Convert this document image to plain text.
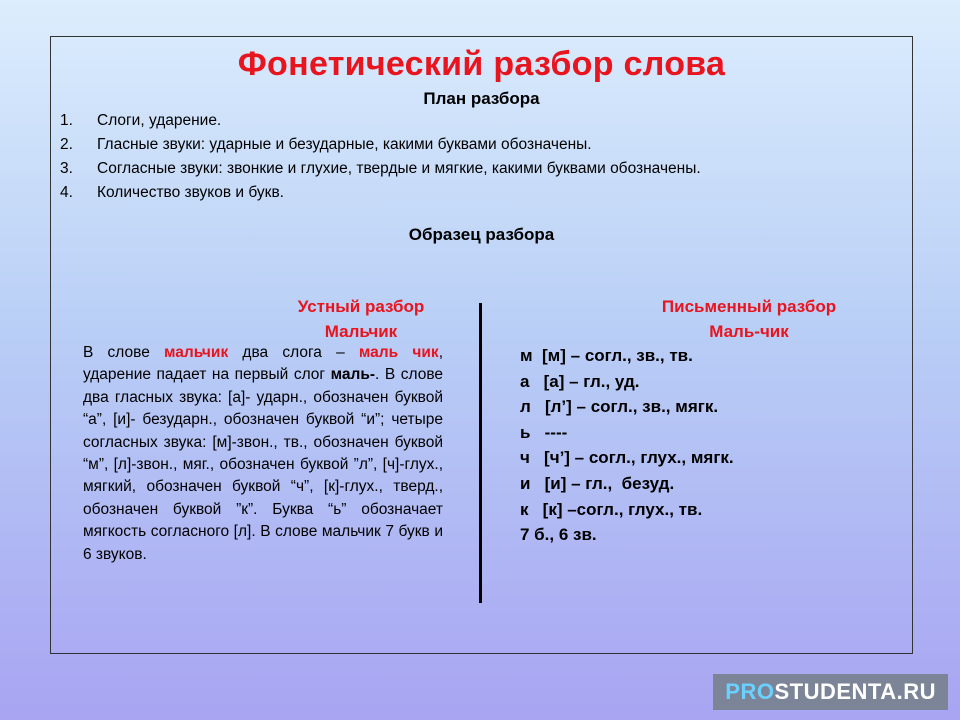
Фонетический разбор слова
План разбора
1.	Слоги, ударение.
2.	Гласные звуки: ударные и безударные, какими буквами обозначены.
3.	Согласные звуки: звонкие и глухие, твердые и мягкие, какими буквами обозначены.
4.	Количество звуков и букв.
Образец разбора
Устный разбор
Мальчик
Письменный разбор
Маль-чик
В слове мальчик два слога – маль чик, ударение падает на первый слог маль-. В слове два гласных звука: [а]- ударн., обозначен буквой “а”, [и]- безударн., обозначен буквой “и”; четыре согласных звука: [м]-звон., тв., обозначен буквой “м”, [л]-звон., мяг., обозначен буквой ”л”, [ч]-глух., мягкий, обозначен буквой “ч”, [к]-глух., тверд., обозначен буквой ”к”. Буква “ь” обозначает мягкость согласного [л]. В слове мальчик 7 букв и 6 звуков.
м  [м] – согл., зв., тв.
а   [а] – гл., уд.
л   [л’] – согл., зв., мягк.
ь   ----
ч   [ч’] – согл., глух., мягк.
и   [и] – гл.,  безуд.
к   [к] –согл., глух., тв.
7 б., 6 зв.
PROSTUDENTA.RU
